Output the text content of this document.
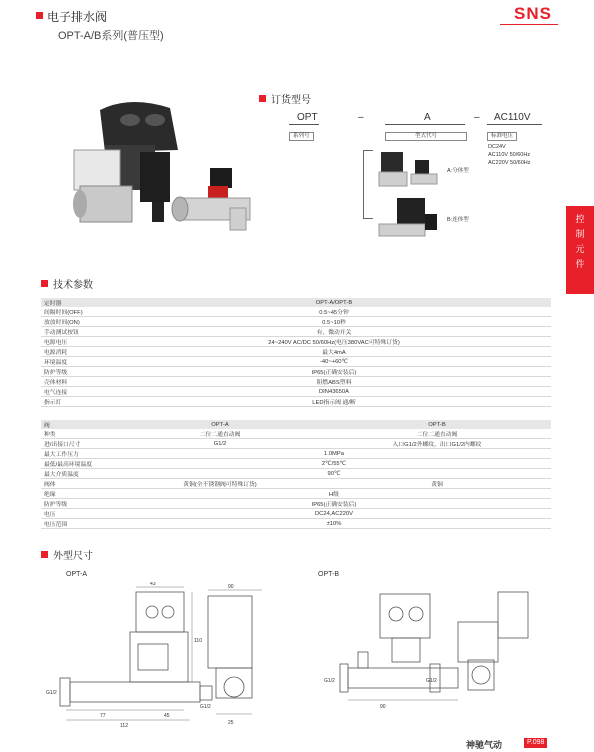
电子排水阀
OPT-A/B系列(普压型)
SNS
控制元件
订货型号
OPT	–	A	– AC110V
系列号	型式代号	标准电压
DC24V
AC110V 50/60Hz
AC220V 50/60Hz
A:分体型
B:连体型
技术参数
定时器	OPT-A/OPT-B
间隔时间(OFF)	0.5~45分钟
放放时间(ON)	0.5~10秒
手动测试按钮	有，微动开关
电源电压	24~240V AC/DC 50/60Hz(电压380VAC可特殊订货)
电源消耗	最大4mA
环境温度	-40~+60℃
防护等级	IP65(正确安装后)
壳体材料	阻燃ABS塑料
电气连接	DIN43650A
指示灯	LED指示阀 通/断
阀	OPT-A	OPT-B
种类	二位二通直动阀	二位二通直动阀
进/出接口尺寸	G1/2	入口G1/2外螺纹，出口G1/2内螺纹
最大工作压力	1.0MPa	
最低/最高环境温度	2℃/55℃	
最大介质温度	90℃	
阀体	黄铜(全不锈钢阀可特殊订货)	黄铜
绝缘	H级	
防护等级	IP65(正确安装后)	
电压	DC24,AC220V	
电压范围	±10%	
外型尺寸
OPT-A	OPT-B
43	90
110
G1/2
77	45
112
G1/2
25
G1/2	G1/2
90
神驰气动	P.098
